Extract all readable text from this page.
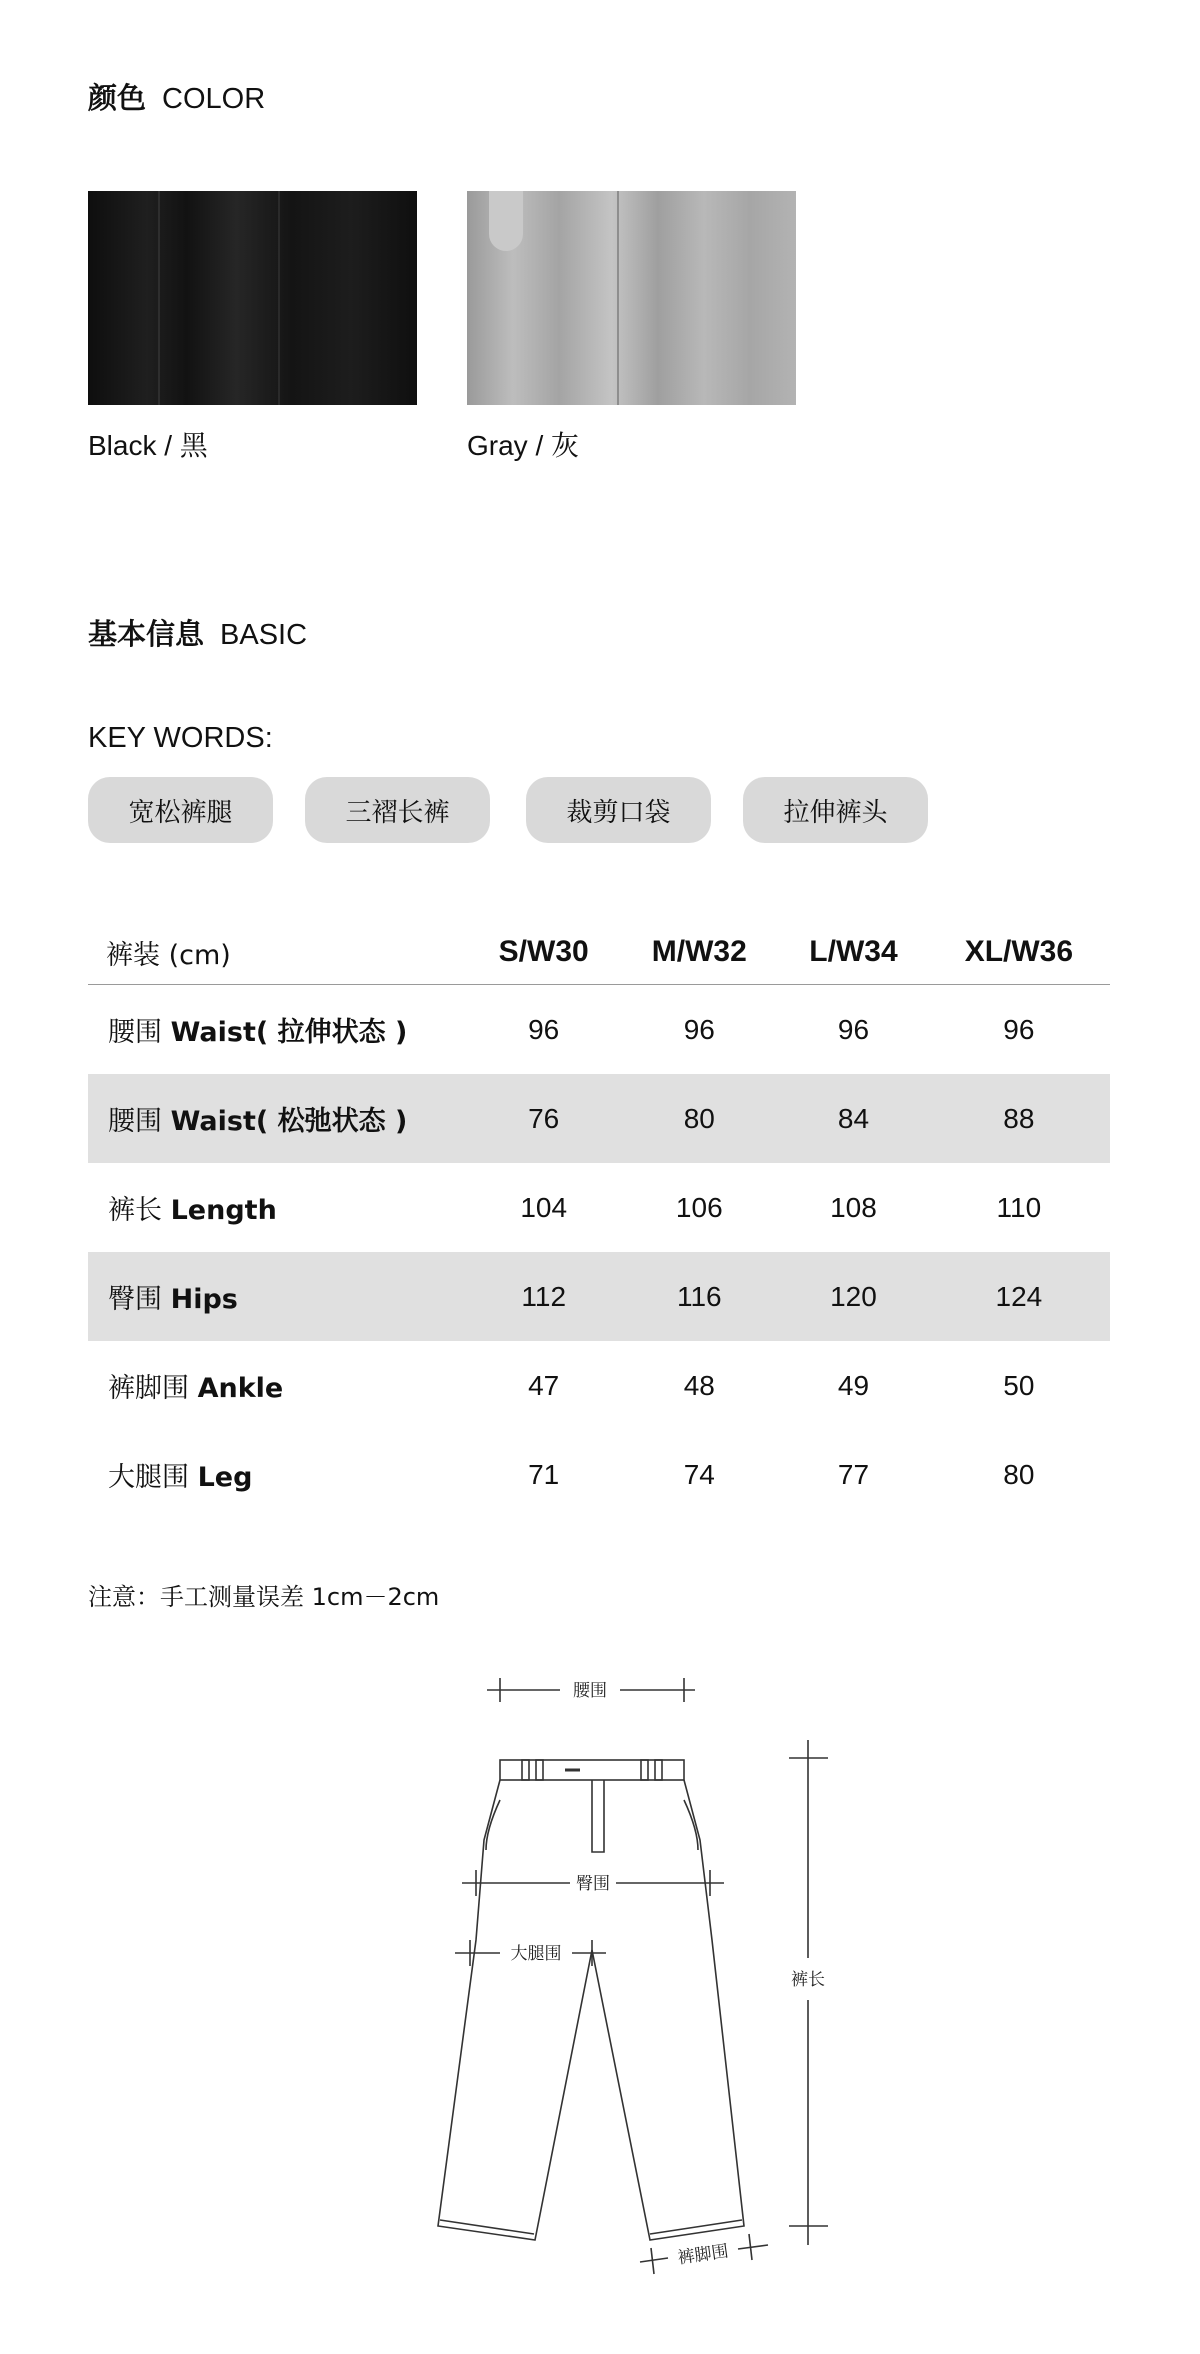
颜色 COLOR
Black / 黑	Gray / 灰
基本信息 BASIC
KEY WORDS:
宽松裤腿	三褶长裤	裁剪口袋	拉伸裤头
裤装 (cm)	S/W30	M/W32	L/W34	XL/W36
腰围 Waist( 拉伸状态 )	96	96	96	96
腰围 Waist( 松弛状态 )	76	80	84	88
裤长 Length	104	106	108	110
臀围 Hips	112	116	120	124
裤脚围 Ankle	47	48	49	50
大腿围 Leg	71	74	77	80
注意：手工测量误差 1cm－2cm
腰围
臀围
大腿围
裤长
裤脚围
